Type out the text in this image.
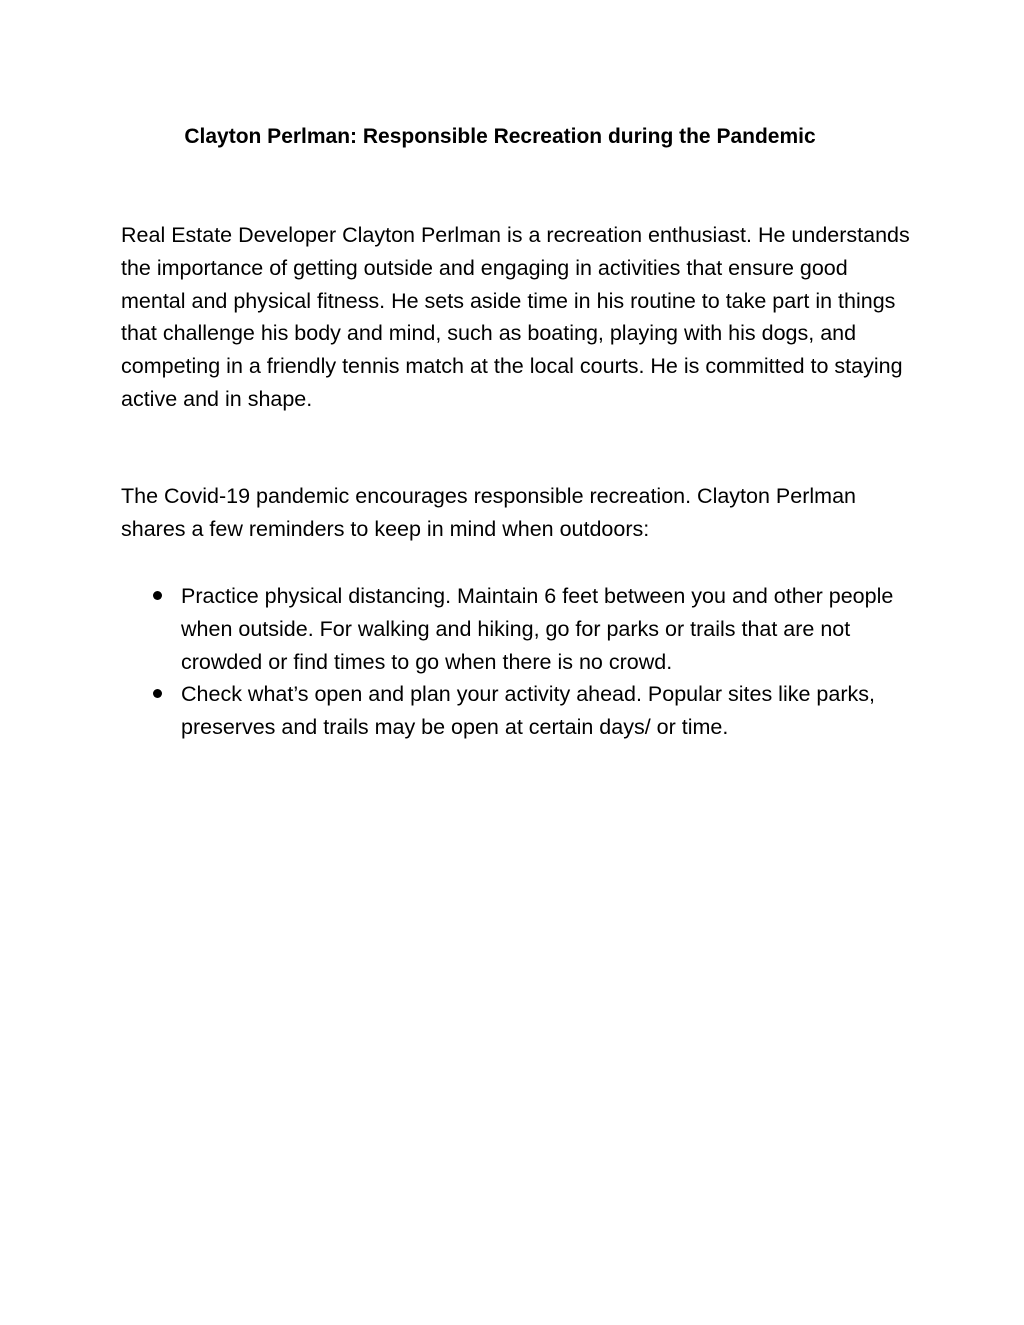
Clayton Perlman: Responsible Recreation during the Pandemic

Real Estate Developer Clayton Perlman is a recreation enthusiast. He understands the importance of getting outside and engaging in activities that ensure good mental and physical fitness. He sets aside time in his routine to take part in things that challenge his body and mind, such as boating, playing with his dogs, and competing in a friendly tennis match at the local courts. He is committed to staying active and in shape.

The Covid-19 pandemic encourages responsible recreation. Clayton Perlman shares a few reminders to keep in mind when outdoors:

Practice physical distancing. Maintain 6 feet between you and other people when outside. For walking and hiking, go for parks or trails that are not crowded or find times to go when there is no crowd.
Check what’s open and plan your activity ahead. Popular sites like parks, preserves and trails may be open at certain days/ or time.
